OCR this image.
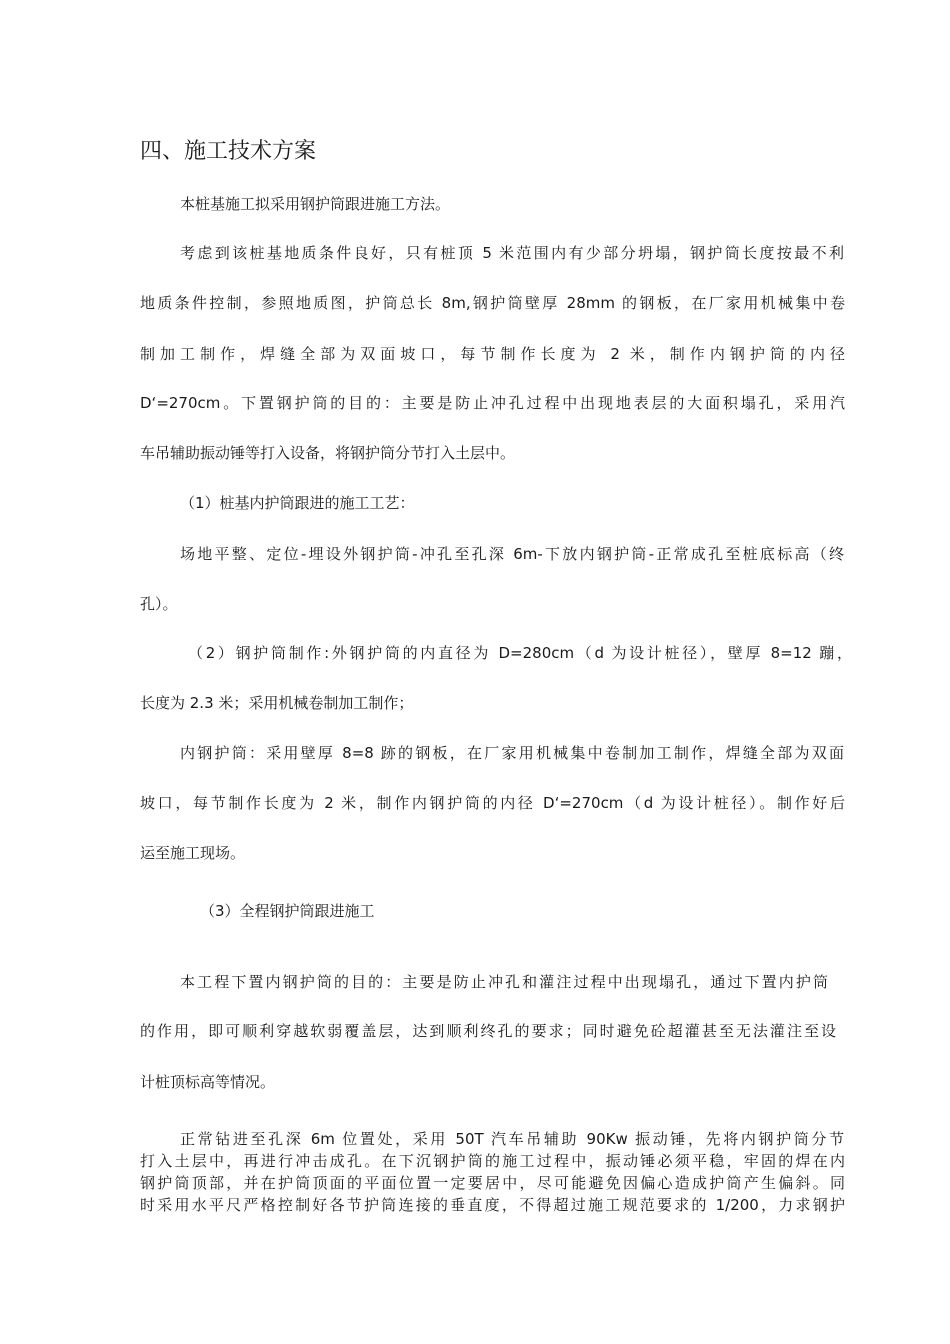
四、施工技术方案
本桩基施工拟采用钢护筒跟进施工方法。
考虑到该桩基地质条件良好，只有桩顶 5 米范围内有少部分坍塌，钢护筒长度按最不利
地质条件控制，参照地质图，护筒总长 8m,钢护筒壁厚 28mm 的钢板，在厂家用机械集中卷
制加工制作，焊缝全部为双面坡口，每节制作长度为 2 米，制作内钢护筒的内径
D‘=270cm。下置钢护筒的目的：主要是防止冲孔过程中出现地表层的大面积塌孔，采用汽
车吊辅助振动锤等打入设备，将钢护筒分节打入土层中。
（1）桩基内护筒跟进的施工工艺：
场地平整、定位-埋设外钢护筒-冲孔至孔深 6m-下放内钢护筒-正常成孔至桩底标高（终
孔）。
（2）钢护筒制作:外钢护筒的内直径为 D=280cm（d 为设计桩径），壁厚 8=12 蹦，
长度为 2.3 米；采用机械卷制加工制作；
内钢护筒：采用壁厚 8=8 跡的钢板，在厂家用机械集中卷制加工制作，焊缝全部为双面
坡口，每节制作长度为 2 米，制作内钢护筒的内径 D‘=270cm（d 为设计桩径）。制作好后
运至施工现场。
（3）全程钢护筒跟进施工
本工程下置内钢护筒的目的：主要是防止冲孔和灌注过程中出现塌孔，通过下置内护筒
的作用，即可顺利穿越软弱覆盖层，达到顺利终孔的要求；同时避免砼超灌甚至无法灌注至设
计桩顶标高等情况。
正常钻进至孔深 6m 位置处，采用 50T 汽车吊辅助 90Kw 振动锤，先将内钢护筒分节
打入土层中，再进行冲击成孔。在下沉钢护筒的施工过程中，振动锤必须平稳，牢固的焊在内
钢护筒顶部，并在护筒顶面的平面位置一定要居中，尽可能避免因偏心造成护筒产生偏斜。同
时采用水平尺严格控制好各节护筒连接的垂直度，不得超过施工规范要求的 1/200，力求钢护
